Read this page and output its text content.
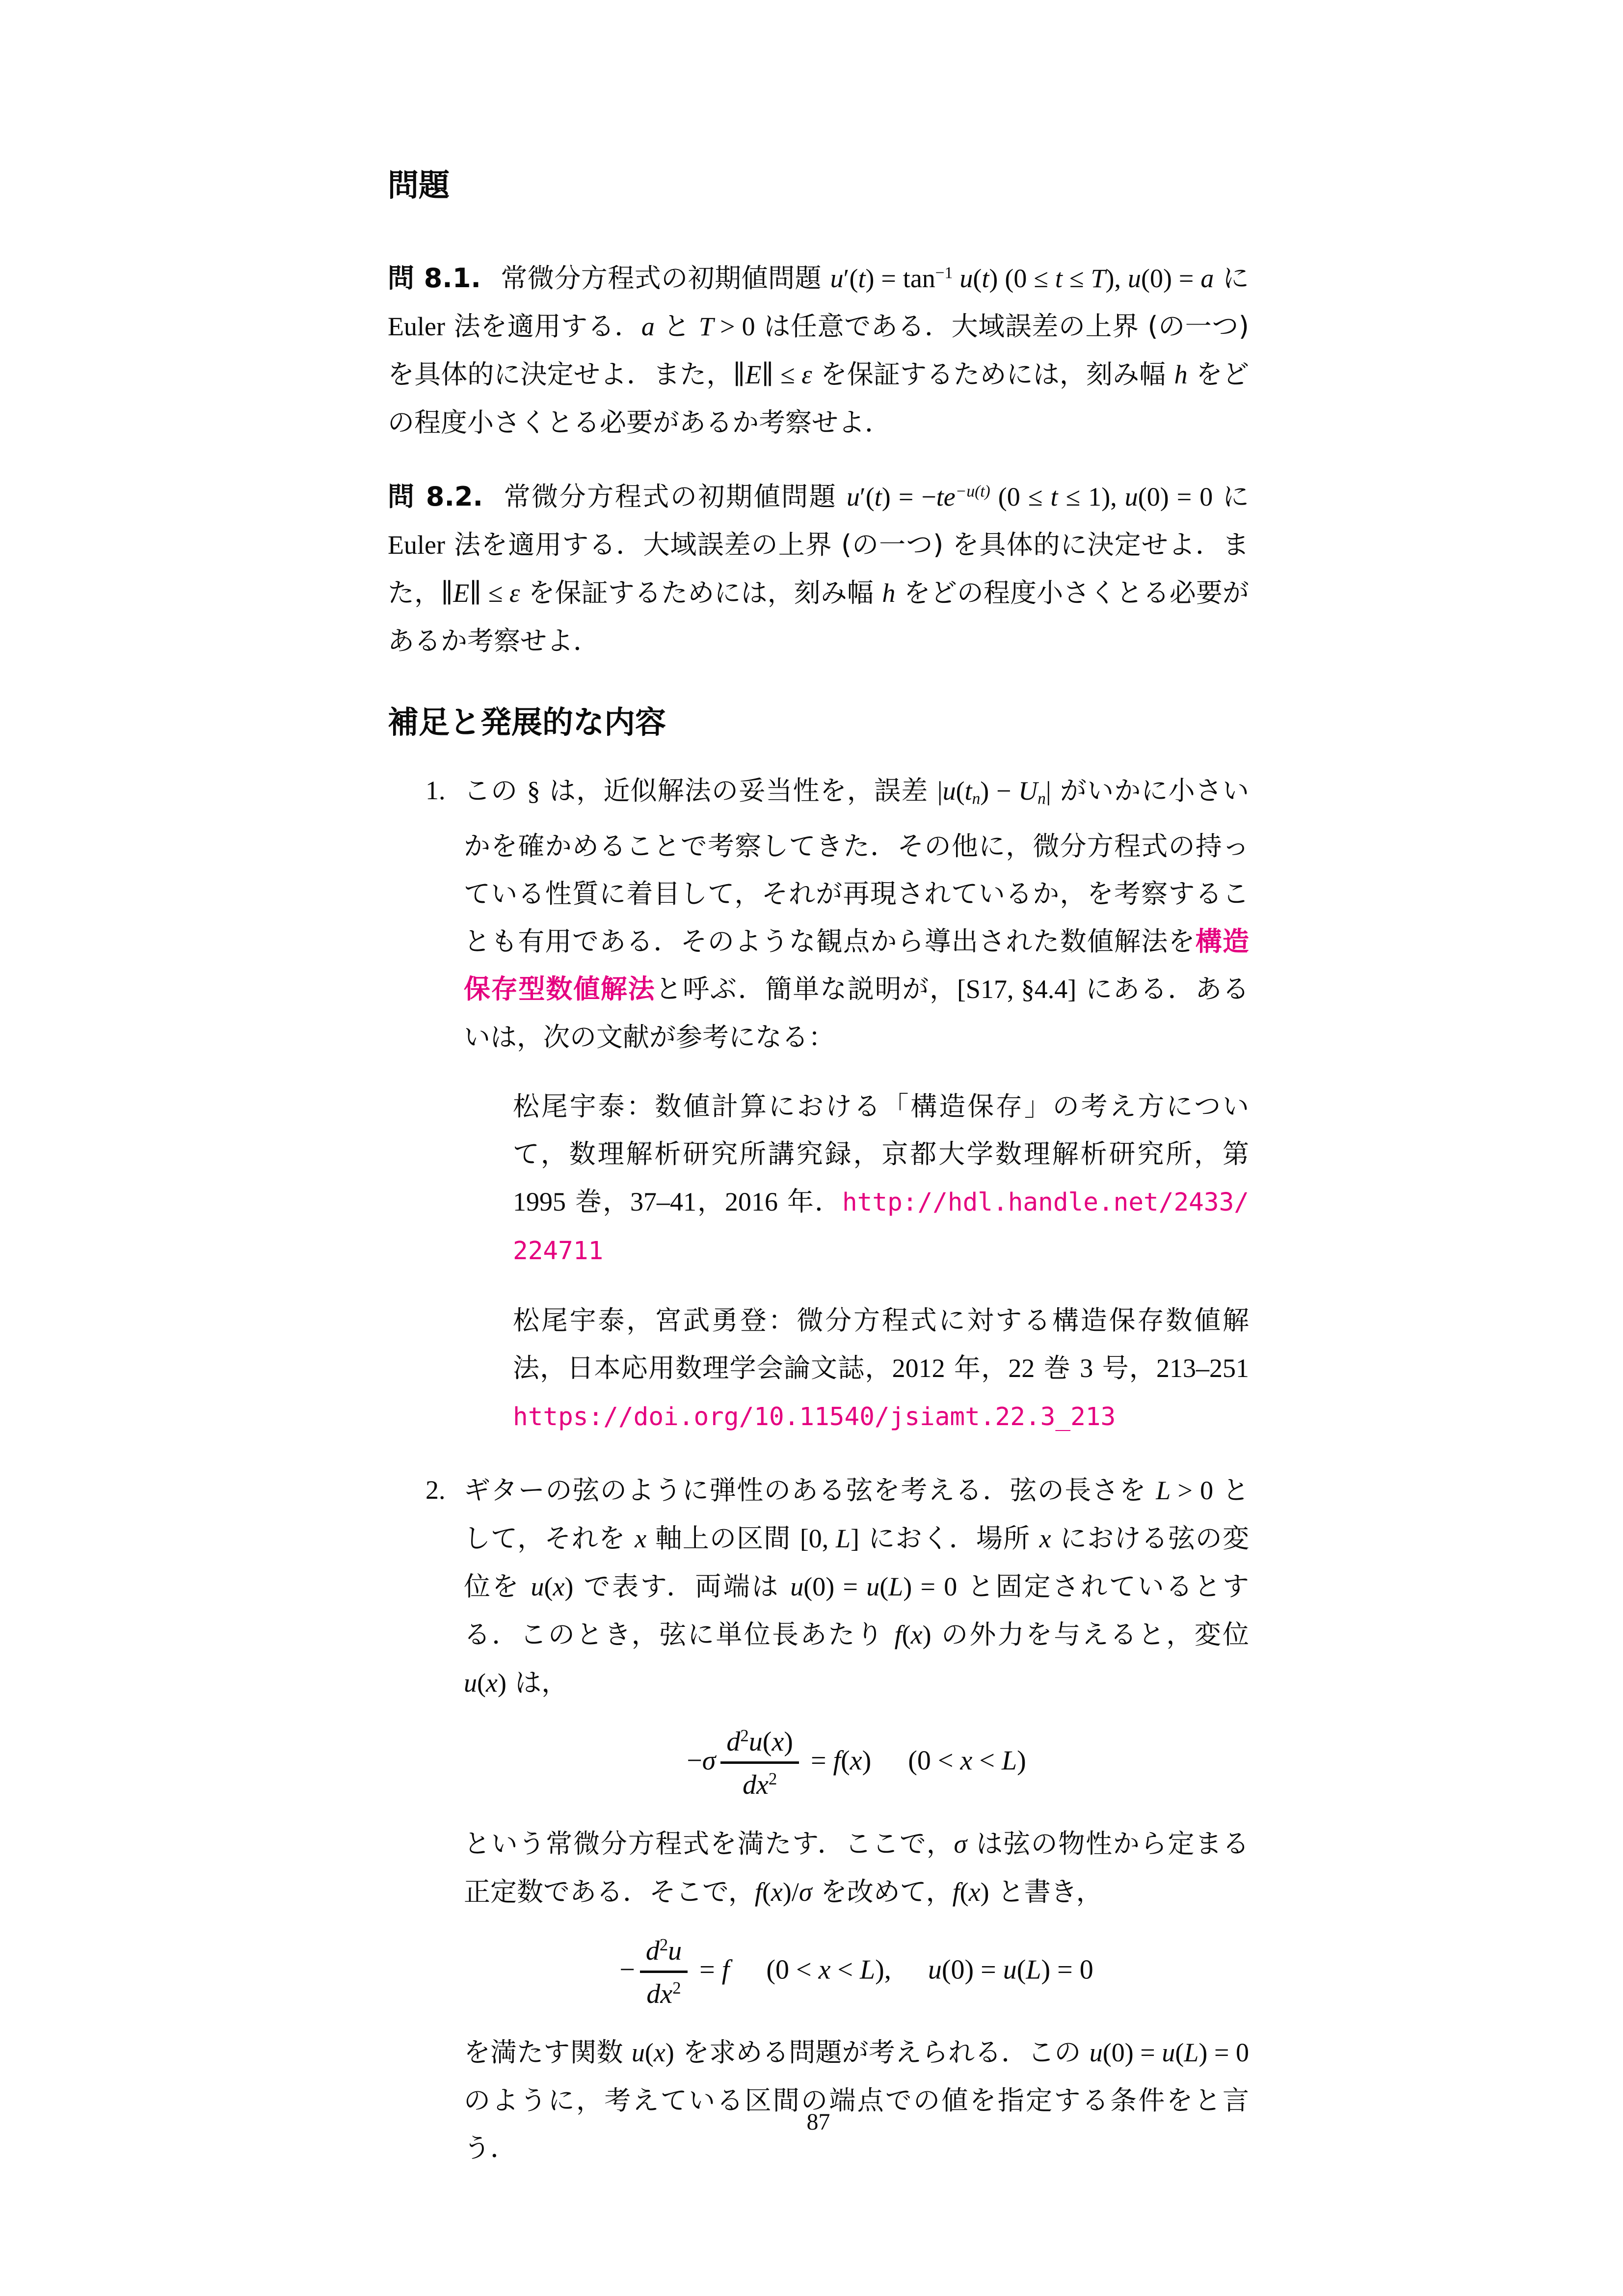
問題

問 8.1. 常微分方程式の初期値問題 $u'(t) = \tan^{-1} u(t) (0 \le t \le T)$, u(0) = a に Euler 法を適用する．a と T > 0 は任意である．大域誤差の上界 (の一つ) を具体的に決定せよ．また，∥E∥ ≤ ε を保証するためには，刻み幅 h をどの程度小さくとる必要があるか考察せよ．

問 8.2. 常微分方程式の初期値問題 $u'(t) = -te^{-u(t)}$ (0 ≤ t ≤ 1), u(0) = 0 に Euler 法を適用する．大域誤差の上界 (の一つ) を具体的に決定せよ．また，∥E∥ ≤ ε を保証するためには，刻み幅 h をどの程度小さくとる必要があるか考察せよ．

補足と発展的な内容
1. この § は，近似解法の妥当性を，誤差 |u(tn) − Un| がいかに小さいかを確かめることで考察してきた．その他に，微分方程式の持っている性質に着目して，それが再現されているか，を考察することも有用である．そのような観点から導出された数値解法を構造保存型数値解法と呼ぶ．簡単な説明が，[S17, §4.4] にある．あるいは，次の文献が参考になる：

松尾宇泰：数値計算における「構造保存」の考え方について，数理解析研究所講究録，京都大学数理解析研究所，第 1995 巻，37–41，2016 年．http://hdl.handle.net/2433/224711

松尾宇泰，宮武勇登：微分方程式に対する構造保存数値解法，日本応用数理学会論文誌，2012 年，22 巻 3 号，213–251 https://doi.org/10.11540/jsiamt.22.3_213

2. ギターの弦のように弾性のある弦を考える．弦の長さを L > 0 として，それを x 軸上の区間 [0, L] におく．場所 x における弦の変位を u(x) で表す．両端は u(0) = u(L) = 0 と固定されているとする．このとき，弦に単位長あたり f(x) の外力を与えると，変位 u(x) は，

$-\sigma \frac{d^2u(x)}{dx^2} = f(x) (0 < x < L)$

という常微分方程式を満たす．ここで，σ は弦の物性から定まる正定数である．そこで，f(x)/σ を改めて，f(x) と書き，

− $\frac{d^2u}{dx^2} = f$ (0 < x < L), u(0) = u(L) = 0

を満たす関数 u(x) を求める問題が考えられる．この u(0) = u(L) = 0 のように，考えている区間の端点での値を指定する条件をと言う．

87
